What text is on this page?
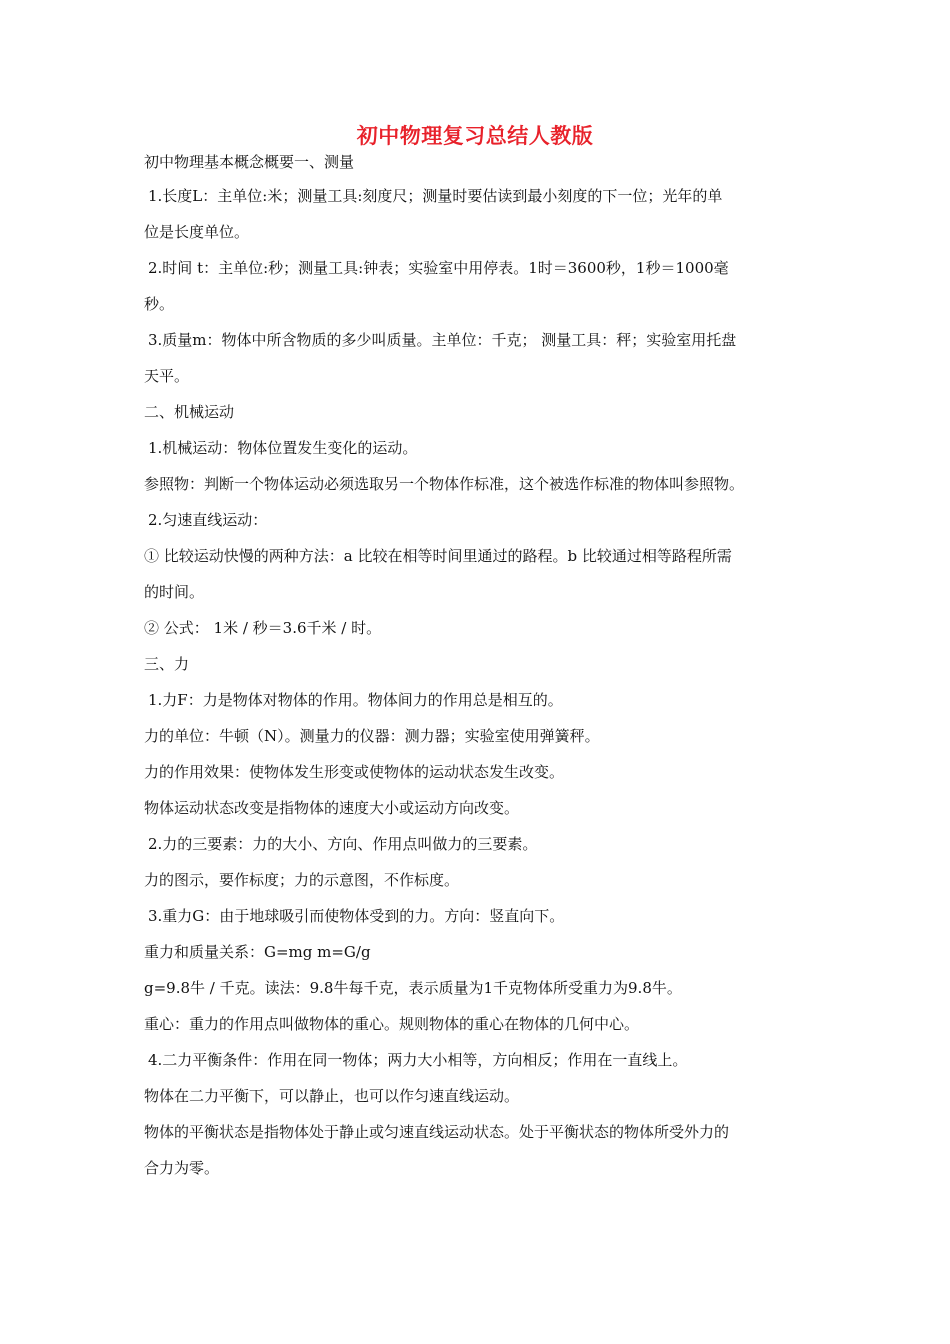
初中物理复习总结人教版
初中物理基本概念概要一、测量
1.长度L：主单位:米；测量工具:刻度尺；测量时要估读到最小刻度的下一位；光年的单
位是长度单位。
2.时间 t：主单位:秒；测量工具:钟表；实验室中用停表。1时＝3600秒，1秒＝1000毫
秒。
3.质量m：物体中所含物质的多少叫质量。主单位：千克； 测量工具：秤；实验室用托盘
天平。
二、机械运动
1.机械运动：物体位置发生变化的运动。
参照物：判断一个物体运动必须选取另一个物体作标准，这个被选作标准的物体叫参照物。
2.匀速直线运动：
① 比较运动快慢的两种方法：a 比较在相等时间里通过的路程。b 比较通过相等路程所需
的时间。
② 公式： 1米 / 秒＝3.6千米 / 时。
三、力
1.力F：力是物体对物体的作用。物体间力的作用总是相互的。
力的单位：牛顿（N）。测量力的仪器：测力器；实验室使用弹簧秤。
力的作用效果：使物体发生形变或使物体的运动状态发生改变。
物体运动状态改变是指物体的速度大小或运动方向改变。
2.力的三要素：力的大小、方向、作用点叫做力的三要素。
力的图示，要作标度；力的示意图，不作标度。
3.重力G：由于地球吸引而使物体受到的力。方向：竖直向下。
重力和质量关系：G=mg m=G/g
g=9.8牛 / 千克。读法：9.8牛每千克，表示质量为1千克物体所受重力为9.8牛。
重心：重力的作用点叫做物体的重心。规则物体的重心在物体的几何中心。
4.二力平衡条件：作用在同一物体；两力大小相等，方向相反；作用在一直线上。
物体在二力平衡下，可以静止，也可以作匀速直线运动。
物体的平衡状态是指物体处于静止或匀速直线运动状态。处于平衡状态的物体所受外力的
合力为零。
